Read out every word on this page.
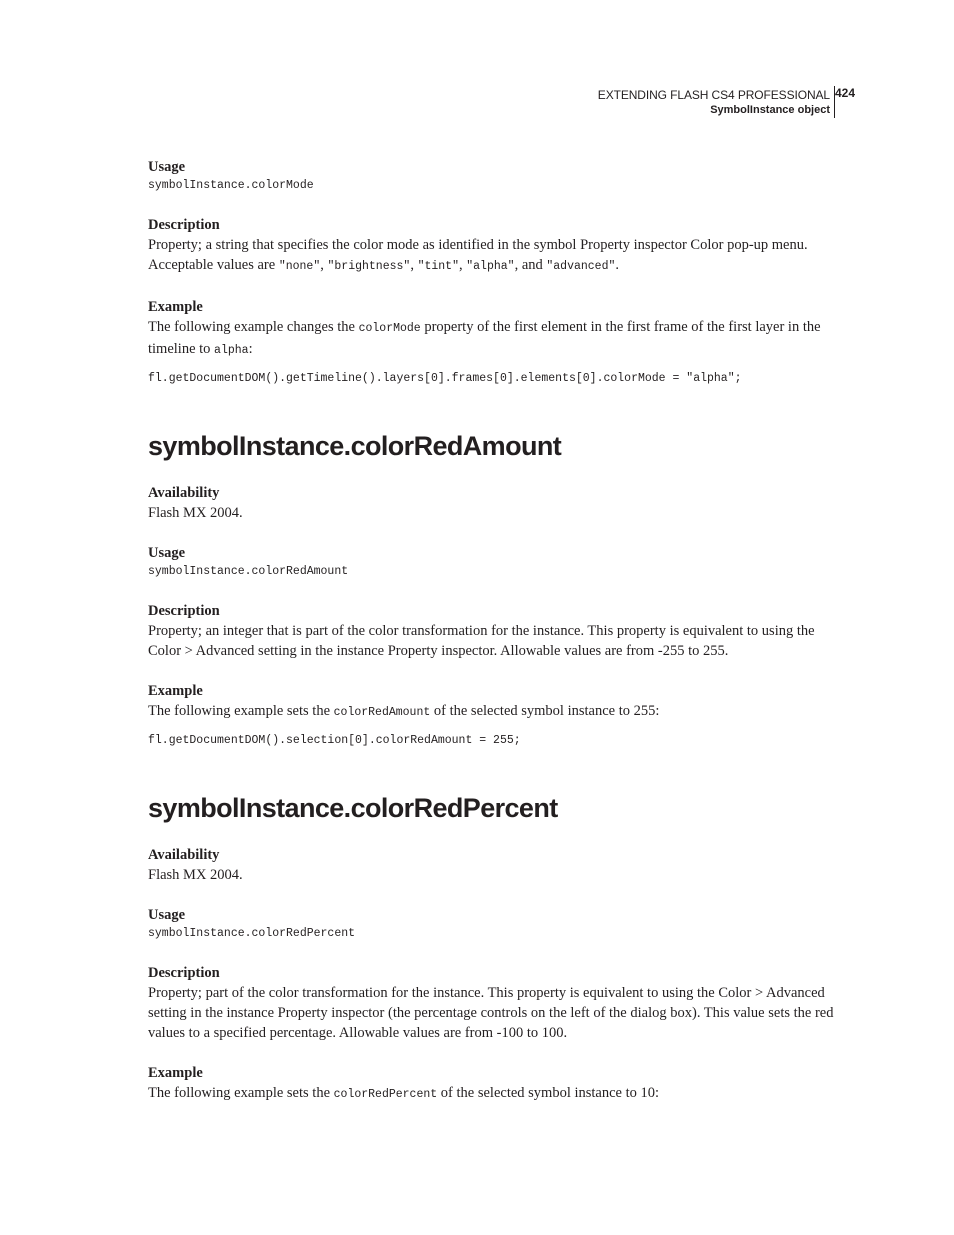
EXTENDING FLASH CS4 PROFESSIONAL
SymbolInstance object
424

Usage

symbolInstance.colorMode

Description

Property; a string that specifies the color mode as identified in the symbol Property inspector Color pop-up menu.
Acceptable values are "none", "brightness", "tint", "alpha", and "advanced".

Example

The following example changes the colorMode property of the first element in the first frame of the first layer in the
timeline to alpha:

fl.getDocumentDOM().getTimeline().layers[0].frames[0].elements[0].colorMode = "alpha";

symbolInstance.colorRedAmount

Availability

Flash MX 2004.

Usage

symbolInstance.colorRedAmount

Description

Property; an integer that is part of the color transformation for the instance. This property is equivalent to using the
Color > Advanced setting in the instance Property inspector. Allowable values are from -255 to 255.

Example

The following example sets the colorRedAmount of the selected symbol instance to 255:

fl.getDocumentDOM().selection[0].colorRedAmount = 255;

symbolInstance.colorRedPercent

Availability

Flash MX 2004.

Usage

symbolInstance.colorRedPercent

Description

Property; part of the color transformation for the instance. This property is equivalent to using the Color > Advanced
setting in the instance Property inspector (the percentage controls on the left of the dialog box). This value sets the red
values to a specified percentage. Allowable values are from -100 to 100.

Example

The following example sets the colorRedPercent of the selected symbol instance to 10:
